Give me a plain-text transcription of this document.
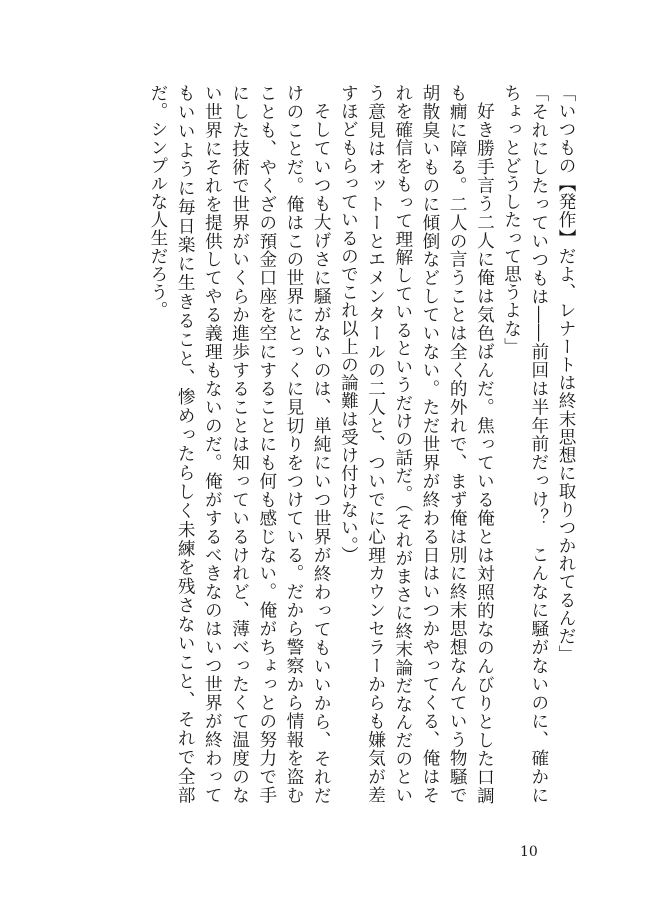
「いつもの【発作】だよ、レナートは終末思想に取りつかれてるんだ」

「それにしたっていつもは――前回は半年前だっけ？　こんなに騒がないのに、確かにちょっとどうしたって思うよな」

好き勝手言う二人に俺は気色ばんだ。焦っている俺とは対照的なのんびりとした口調も癇に障る。二人の言うことは全く的外れで、まず俺は別に終末思想なんていう物騒で胡散臭いものに傾倒などしていない。ただ世界が終わる日はいつかやってくる、俺はそれを確信をもって理解しているというだけの話だ。（それがまさに終末論だなんだのという意見はオットーとエメンタールの二人と、ついでに心理カウンセラーからも嫌気が差すほどもらっているのでこれ以上の論難は受け付けない。）

そしていつも大げさに騒がないのは、単純にいつ世界が終わってもいいから、それだけのことだ。俺はこの世界にとっくに見切りをつけている。だから警察から情報を盗むことも、やくざの預金口座を空にすることにも何も感じない。俺がちょっとの努力で手にした技術で世界がいくらか進歩することは知っているけれど、薄べったくて温度のない世界にそれを提供してやる義理もないのだ。俺がするべきなのはいつ世界が終わってもいいように毎日楽に生きること、惨めったらしく未練を残さないこと、それで全部だ。シンプルな人生だろう。

10
